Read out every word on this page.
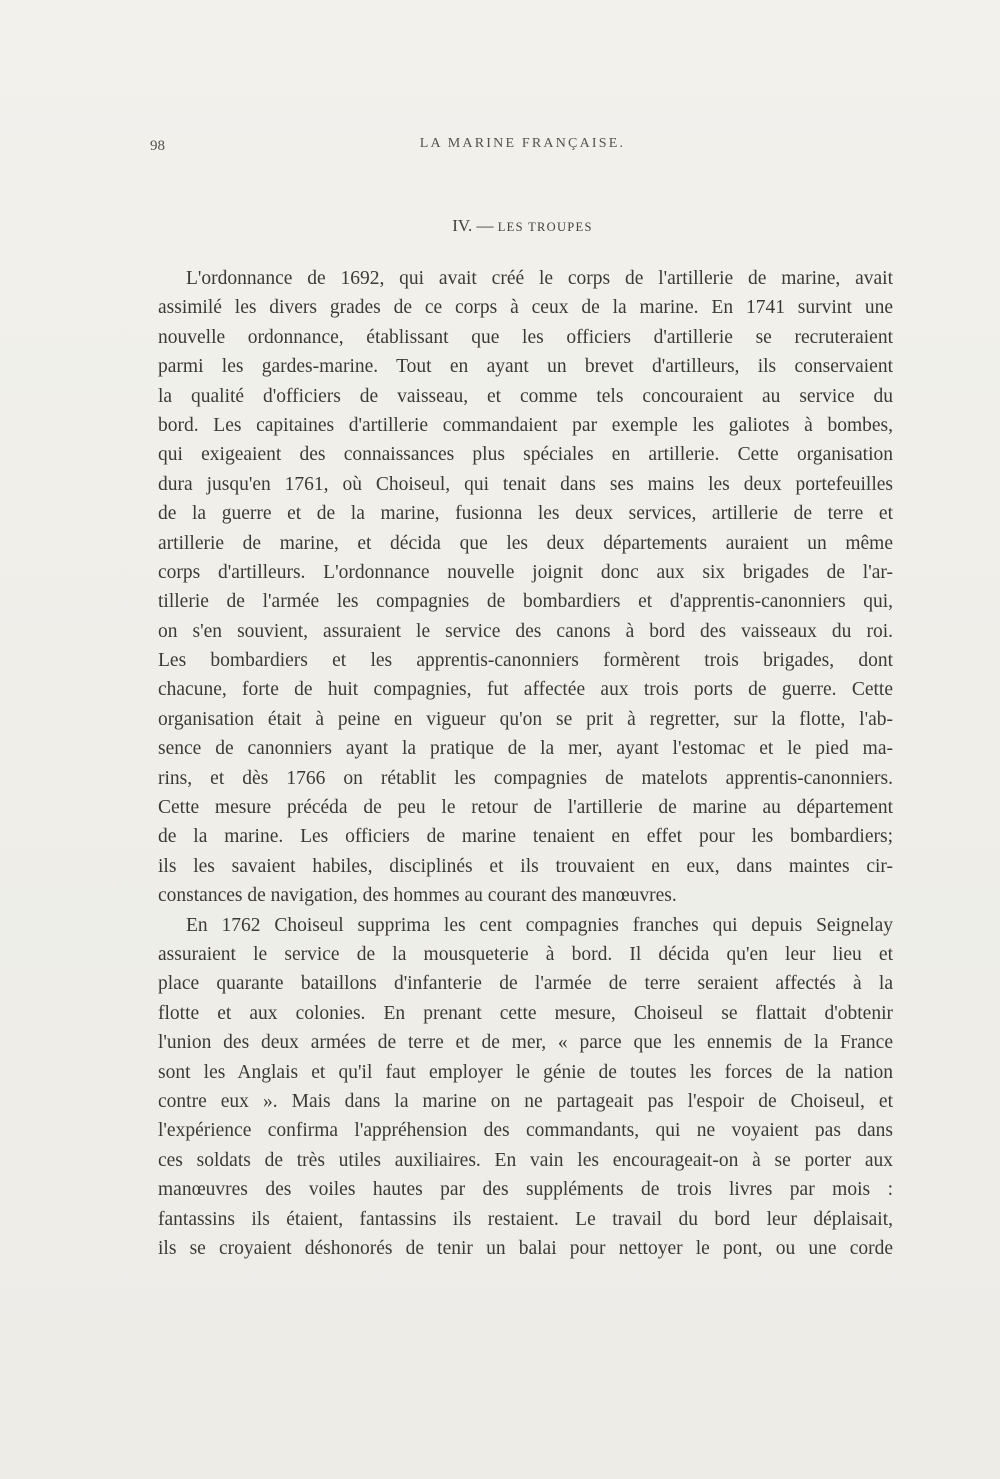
98	LA MARINE FRANÇAISE.
IV. — LES TROUPES
L'ordonnance de 1692, qui avait créé le corps de l'artillerie de marine, avait
assimilé les divers grades de ce corps à ceux de la marine. En 1741 survint une
nouvelle ordonnance, établissant que les officiers d'artillerie se recruteraient
parmi les gardes-marine. Tout en ayant un brevet d'artilleurs, ils conservaient
la qualité d'officiers de vaisseau, et comme tels concouraient au service du
bord. Les capitaines d'artillerie commandaient par exemple les galiotes à bombes,
qui exigeaient des connaissances plus spéciales en artillerie. Cette organisation
dura jusqu'en 1761, où Choiseul, qui tenait dans ses mains les deux portefeuilles
de la guerre et de la marine, fusionna les deux services, artillerie de terre et
artillerie de marine, et décida que les deux départements auraient un même
corps d'artilleurs. L'ordonnance nouvelle joignit donc aux six brigades de l'ar-
tillerie de l'armée les compagnies de bombardiers et d'apprentis-canonniers qui,
on s'en souvient, assuraient le service des canons à bord des vaisseaux du roi.
Les bombardiers et les apprentis-canonniers formèrent trois brigades, dont
chacune, forte de huit compagnies, fut affectée aux trois ports de guerre. Cette
organisation était à peine en vigueur qu'on se prit à regretter, sur la flotte, l'ab-
sence de canonniers ayant la pratique de la mer, ayant l'estomac et le pied ma-
rins, et dès 1766 on rétablit les compagnies de matelots apprentis-canonniers.
Cette mesure précéda de peu le retour de l'artillerie de marine au département
de la marine. Les officiers de marine tenaient en effet pour les bombardiers;
ils les savaient habiles, disciplinés et ils trouvaient en eux, dans maintes cir-
constances de navigation, des hommes au courant des manœuvres.
En 1762 Choiseul supprima les cent compagnies franches qui depuis Seignelay
assuraient le service de la mousqueterie à bord. Il décida qu'en leur lieu et
place quarante bataillons d'infanterie de l'armée de terre seraient affectés à la
flotte et aux colonies. En prenant cette mesure, Choiseul se flattait d'obtenir
l'union des deux armées de terre et de mer, « parce que les ennemis de la France
sont les Anglais et qu'il faut employer le génie de toutes les forces de la nation
contre eux ». Mais dans la marine on ne partageait pas l'espoir de Choiseul, et
l'expérience confirma l'appréhension des commandants, qui ne voyaient pas dans
ces soldats de très utiles auxiliaires. En vain les encourageait-on à se porter aux
manœuvres des voiles hautes par des suppléments de trois livres par mois :
fantassins ils étaient, fantassins ils restaient. Le travail du bord leur déplaisait,
ils se croyaient déshonorés de tenir un balai pour nettoyer le pont, ou une corde
